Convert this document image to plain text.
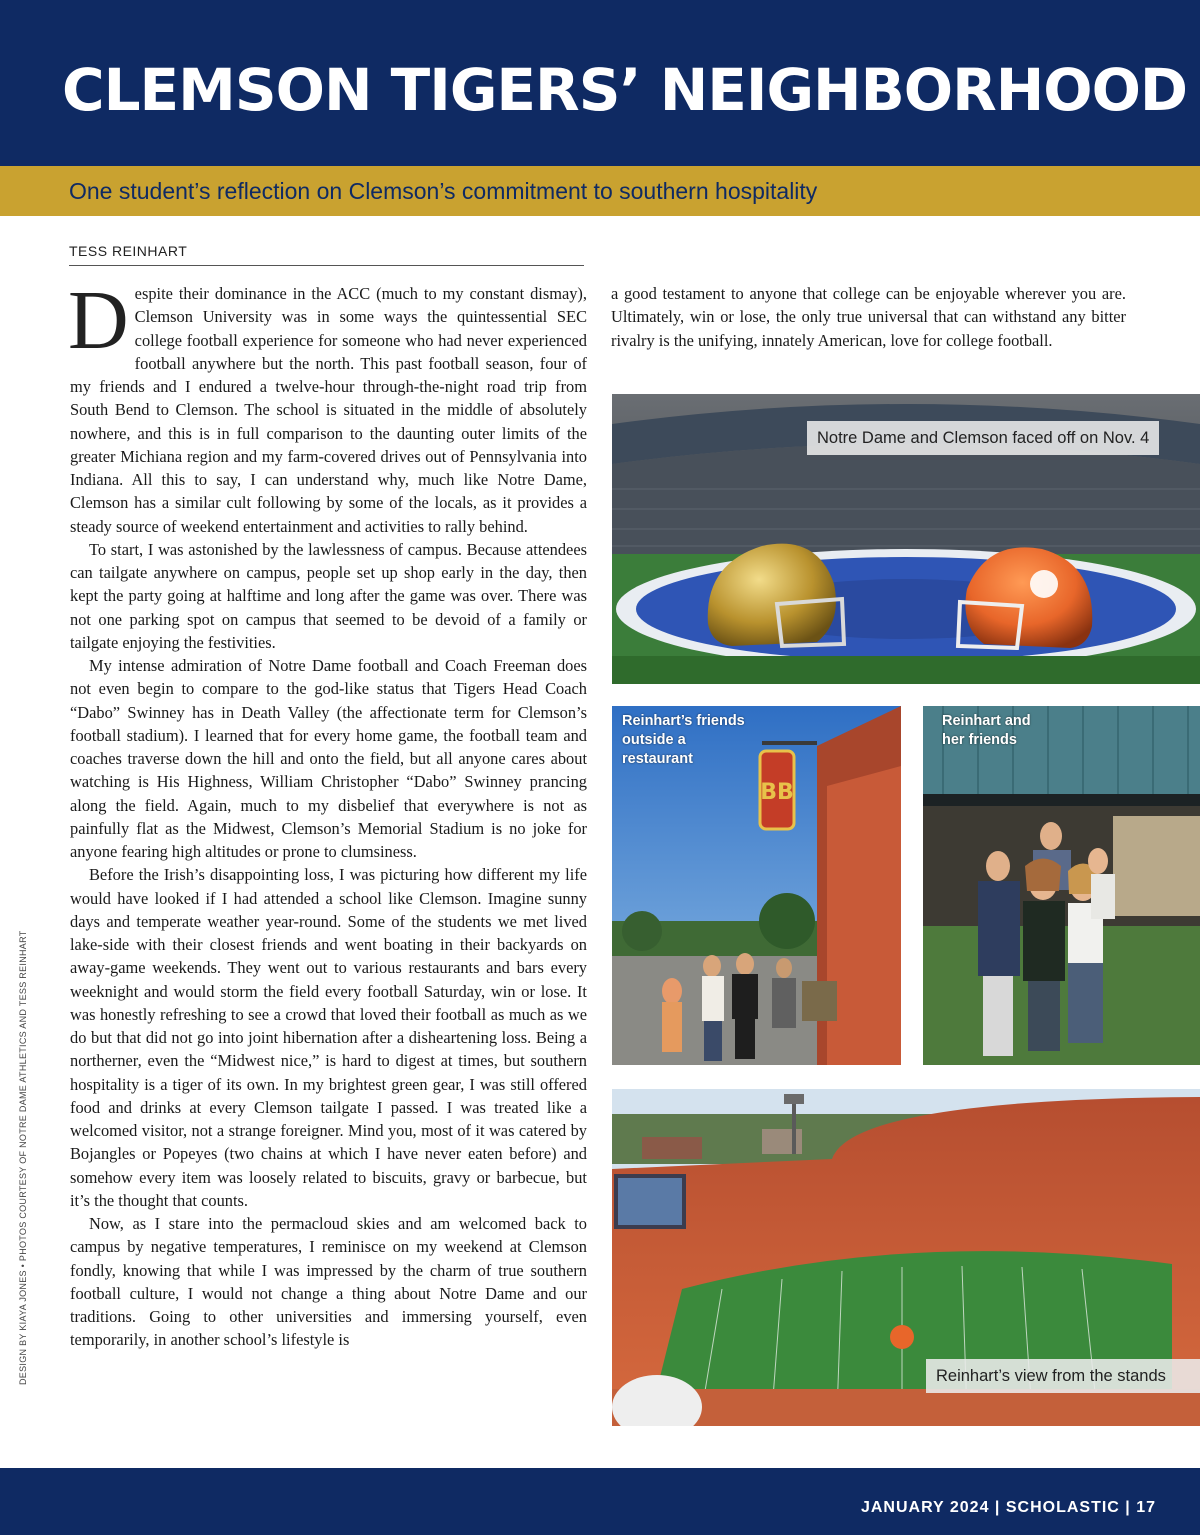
CLEMSON TIGERS’ NEIGHBORHOOD
One student’s reflection on Clemson’s commitment to southern hospitality
TESS REINHART

Despite their dominance in the ACC (much to my constant dismay), Clemson University was in some ways the quintessential SEC college football experience for someone who had never experienced football anywhere but the north. This past football season, four of my friends and I endured a twelve-hour through-the-night road trip from South Bend to Clemson. The school is situated in the middle of absolutely nowhere, and this is in full comparison to the daunting outer limits of the greater Michiana region and my farm-covered drives out of Pennsylvania into Indiana. All this to say, I can understand why, much like Notre Dame, Clemson has a similar cult following by some of the locals, as it provides a steady source of weekend entertainment and activities to rally behind.

To start, I was astonished by the lawlessness of campus. Because attendees can tailgate anywhere on campus, people set up shop early in the day, then kept the party going at halftime and long after the game was over. There was not one parking spot on campus that seemed to be devoid of a family or tailgate enjoying the festivities.

My intense admiration of Notre Dame football and Coach Freeman does not even begin to compare to the god-like status that Tigers Head Coach “Dabo” Swinney has in Death Valley (the affectionate term for Clemson’s football stadium). I learned that for every home game, the football team and coaches traverse down the hill and onto the field, but all anyone cares about watching is His Highness, William Christopher “Dabo” Swinney prancing along the field. Again, much to my disbelief that everywhere is not as painfully flat as the Midwest, Clemson’s Memorial Stadium is no joke for anyone fearing high altitudes or prone to clumsiness.

Before the Irish’s disappointing loss, I was picturing how different my life would have looked if I had attended a school like Clemson. Imagine sunny days and temperate weather year-round. Some of the students we met lived lake-side with their closest friends and went boating in their backyards on away-game weekends. They went out to various restaurants and bars every weeknight and would storm the field every football Saturday, win or lose. It was honestly refreshing to see a crowd that loved their football as much as we do but that did not go into joint hibernation after a disheartening loss. Being a northerner, even the “Midwest nice,” is hard to digest at times, but southern hospitality is a tiger of its own. In my brightest green gear, I was still offered food and drinks at every Clemson tailgate I passed. I was treated like a welcomed visitor, not a strange foreigner. Mind you, most of it was catered by Bojangles or Popeyes (two chains at which I have never eaten before) and somehow every item was loosely related to biscuits, gravy or barbecue, but it’s the thought that counts.

Now, as I stare into the permacloud skies and am welcomed back to campus by negative temperatures, I reminisce on my weekend at Clemson fondly, knowing that while I was impressed by the charm of true southern football culture, I would not change a thing about Notre Dame and our traditions. Going to other universities and immersing yourself, even temporarily, in another school’s lifestyle is

a good testament to anyone that college can be enjoyable wherever you are. Ultimately, win or lose, the only true universal that can withstand any bitter rivalry is the unifying, innately American, love for college football.

Notre Dame and Clemson faced off on Nov. 4
BB
Reinhart’s friends outside a restaurant
Reinhart and her friends
Reinhart’s view from the stands
DESIGN BY KIAYA JONES • PHOTOS COURTESY OF NOTRE DAME ATHLETICS AND TESS REINHART
JANUARY 2024 | SCHOLASTIC | 17
